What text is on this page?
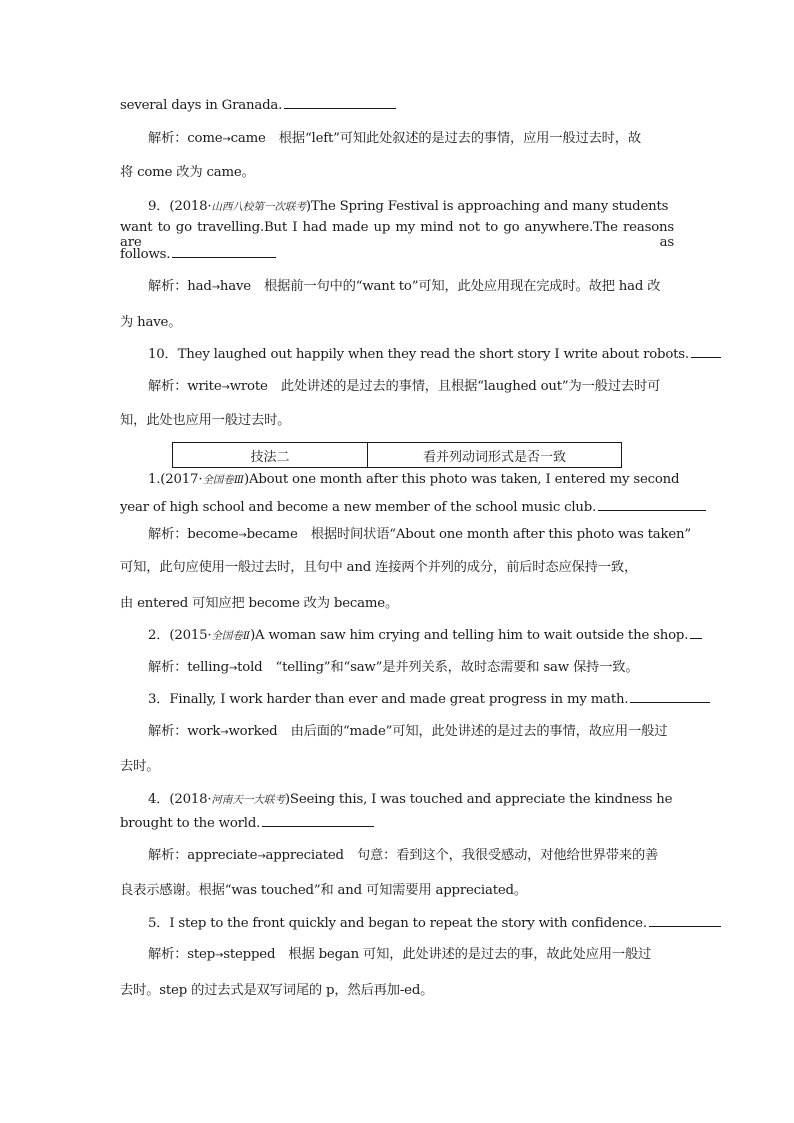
several days in Granada.
解析：come→came　根据“left”可知此处叙述的是过去的事情，应用一般过去时，故
将 come 改为 came。
9．(2018·山西八校第一次联考)The Spring Festival is approaching and many students
want to go travelling.But I had made up my mind not to go anywhere.The reasons are as
follows.
解析：had→have　根据前一句中的“want to”可知，此处应用现在完成时。故把 had 改
为 have。
10．They laughed out happily when they read the short story I write about robots.
解析：write→wrote　此处讲述的是过去的事情，且根据“laughed out”为一般过去时可
知，此处也应用一般过去时。
技法二	看并列动词形式是否一致
1.(2017·全国卷Ⅲ)About one month after this photo was taken, I entered my second
year of high school and become a new member of the school music club.
解析：become→became　根据时间状语“About one month after this photo was taken”
可知，此句应使用一般过去时，且句中 and 连接两个并列的成分，前后时态应保持一致，
由 entered 可知应把 become 改为 became。
2．(2015·全国卷Ⅱ)A woman saw him crying and telling him to wait outside the shop.
解析：telling→told　“telling”和“saw”是并列关系，故时态需要和 saw 保持一致。
3．Finally, I work harder than ever and made great progress in my math.
解析：work→worked　由后面的“made”可知，此处讲述的是过去的事情，故应用一般过
去时。
4．(2018·河南天一大联考)Seeing this, I was touched and appreciate the kindness he
brought to the world.
解析：appreciate→appreciated　句意：看到这个，我很受感动，对他给世界带来的善
良表示感谢。根据“was touched”和 and 可知需要用 appreciated。
5．I step to the front quickly and began to repeat the story with confidence.
解析：step→stepped　根据 began 可知，此处讲述的是过去的事，故此处应用一般过
去时。step 的过去式是双写词尾的 p，然后再加-ed。
